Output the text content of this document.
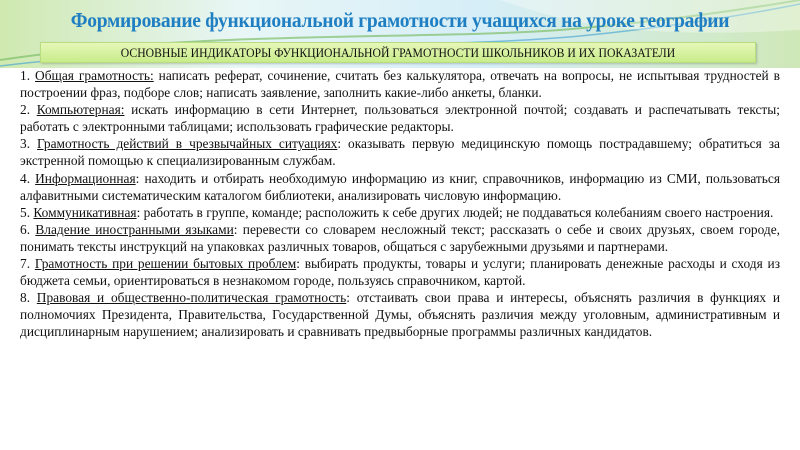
Формирование функциональной грамотности учащихся на уроке географии
ОСНОВНЫЕ ИНДИКАТОРЫ ФУНКЦИОНАЛЬНОЙ ГРАМОТНОСТИ ШКОЛЬНИКОВ И ИХ ПОКАЗАТЕЛИ

1. Общая грамотность: написать реферат, сочинение, считать без калькулятора, отвечать на вопросы, не испытывая трудностей в построении фраз, подборе слов; написать заявление, заполнить какие-либо анкеты, бланки.

2. Компьютерная: искать информацию в сети Интернет, пользоваться электронной почтой; создавать и распечатывать тексты; работать с электронными таблицами; использовать графические редакторы.

3. Грамотность действий в чрезвычайных ситуациях: оказывать первую медицинскую помощь пострадавшему; обратиться за экстренной помощью к специализированным службам.

4. Информационная: находить и отбирать необходимую информацию из книг, справочников, информацию из СМИ, пользоваться алфавитными систематическим каталогом библиотеки, анализировать числовую информацию.

5. Коммуникативная: работать в группе, команде; расположить к себе других людей; не поддаваться колебаниям своего настроения.

6. Владение иностранными языками: перевести со словарем несложный текст; рассказать о себе и своих друзьях, своем городе, понимать тексты инструкций на упаковках различных товаров, общаться с зарубежными друзьями и партнерами.

7. Грамотность при решении бытовых проблем: выбирать продукты, товары и услуги; планировать денежные расходы и сходя из бюджета семьи, ориентироваться в незнакомом городе, пользуясь справочником, картой.

8. Правовая и общественно-политическая грамотность: отстаивать свои права и интересы, объяснять различия в функциях и полномочиях Президента, Правительства, Государственной Думы, объяснять различия между уголовным, административным и дисциплинарным нарушением; анализировать и сравнивать предвыборные программы различных кандидатов.
